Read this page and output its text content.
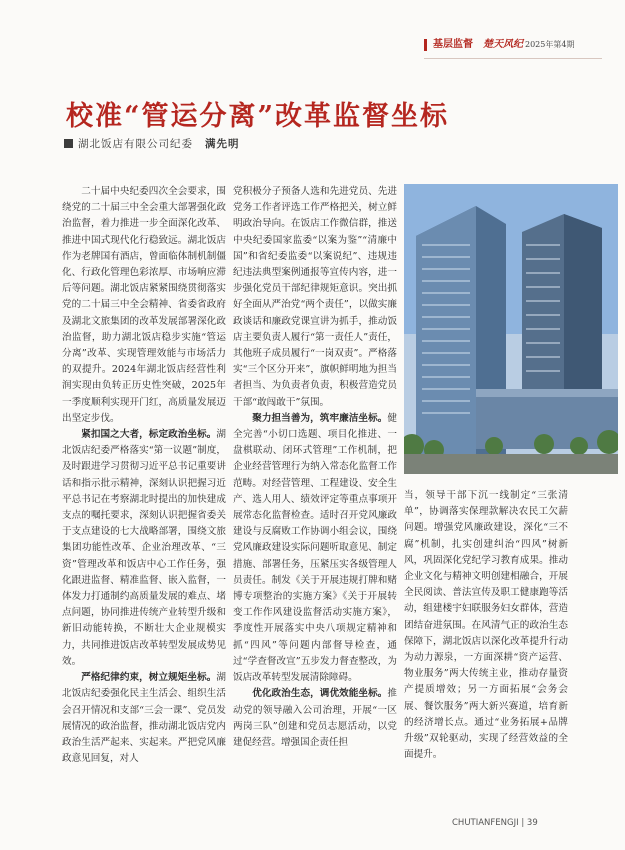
基层监督 楚天风纪 2025年第4期
校准“管运分离”改革监督坐标
湖北饭店有限公司纪委 满先明

二十届中央纪委四次全会要求，围绕党的二十届三中全会重大部署强化政治监督，着力推进一步全面深化改革、推进中国式现代化行稳致远。湖北饭店作为老牌国有酒店，曾面临体制机制僵化、行政化管理色彩浓厚、市场响应滞后等问题。湖北饭店紧紧围绕贯彻落实党的二十届三中全会精神、省委省政府及湖北文旅集团的改革发展部署深化政治监督，助力湖北饭店稳步实施“管运分离”改革、实现管理效能与市场活力的双提升。2024年湖北饭店经营性利润实现由负转正历史性突破，2025年一季度顺利实现开门红，高质量发展迈出坚定步伐。

紧扣国之大者，标定政治坐标。湖北饭店纪委严格落实“第一议题”制度，及时跟进学习贯彻习近平总书记重要讲话和指示批示精神，深刻认识把握习近平总书记在考察湖北时提出的加快建成支点的嘱托要求，深刻认识把握省委关于支点建设的七大战略部署，围绕文旅集团功能性改革、企业治理改革、“三资”管理改革和饭店中心工作任务，强化跟进监督、精准监督、嵌入监督，一体发力打通制约高质量发展的难点、堵点问题，协同推进传统产业转型升级和新旧动能转换，不断壮大企业规模实力，共同推进饭店改革转型发展成势见效。

严格纪律约束，树立规矩坐标。湖北饭店纪委强化民主生活会、组织生活会召开情况和支部“三会一课”、党员发展情况的政治监督，推动湖北饭店党内政治生活严起来、实起来。严把党风廉政意见回复，对人

党积极分子预备人选和先进党员、先进党务工作者评选工作严格把关，树立鲜明政治导向。在饭店工作微信群，推送中央纪委国家监委“以案为鉴”“清廉中国”和省纪委监委“以案说纪”、违规违纪违法典型案例通报等宣传内容，进一步强化党员干部纪律规矩意识。突出抓好全面从严治党“两个责任”，以做实廉政谈话和廉政党课宣讲为抓手，推动饭店主要负责人履行“第一责任人”责任，其他班子成员履行“一岗双责”。严格落实“三个区分开来”，旗帜鲜明地为担当者担当、为负责者负责，积极营造党员干部“敢闯敢干”氛围。

聚力担当善为，筑牢廉洁坐标。健全完善“小切口选题、项目化推进、一盘棋联动、闭环式管理”工作机制，把企业经营管理行为纳入常态化监督工作范畴。对经营管理、工程建设、安全生产、选人用人、绩效评定等重点事项开展常态化监督检查。适时召开党风廉政建设与反腐败工作协调小组会议，围绕党风廉政建设实际问题听取意见、制定措施、部署任务，压紧压实各级管理人员责任。制发《关于开展违规打牌和赌博专项整治的实施方案》《关于开展转变工作作风建设监督活动实施方案》，季度性开展落实中央八项规定精神和抓“四风”等问题内部督导检查，通过“学查督改宣”五步发力督查整改，为饭店改革转型发展清除障碍。

优化政治生态，调优效能坐标。推动党的领导融入公司治理，开展“一区两岗三队”创建和党员志愿活动，以党建促经营。增强国企责任担

当，领导干部下沉一线制定“三张清单”，协调落实保理款解决农民工欠薪问题。增强党风廉政建设，深化“三不腐”机制，扎实创建纠治“四风”树新风，巩固深化党纪学习教育成果。推动企业文化与精神文明创建相融合，开展全民阅读、普法宣传及职工健康跑等活动，组建楼宇妇联服务妇女群体，营造团结奋进氛围。在风清气正的政治生态保障下，湖北饭店以深化改革提升行动为动力源泉，一方面深耕“资产运营、物业服务”两大传统主业，推动存量资产提质增效；另一方面拓展“会务会展、餐饮服务”两大新兴赛道，培育新的经济增长点。通过“业务拓展+品牌升级”双轮驱动，实现了经营效益的全面提升。

CHUTIANFENGJI | 39
